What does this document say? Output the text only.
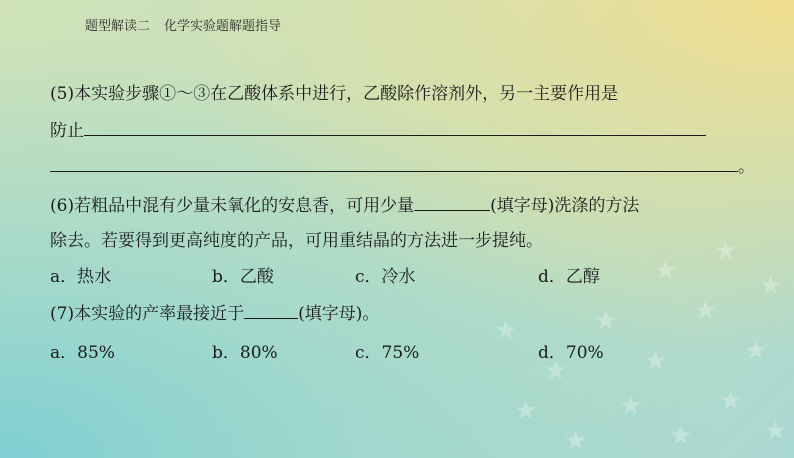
★
★
★
★
★
★
★
★
★
★
★
★
★
★
★
题型解读二 化学实验题解题指导
(5)本实验步骤①～③在乙酸体系中进行，乙酸除作溶剂外，另一主要作用是
防止
。
(6)若粗品中混有少量未氧化的安息香，可用少量	(填字母)洗涤的方法
除去。若要得到更高纯度的产品，可用重结晶的方法进一步提纯。
a．热水	b．乙酸	c．冷水	d．乙醇
(7)本实验的产率最接近于	(填字母)。
a．85%	b．80%	c．75%	d．70%
